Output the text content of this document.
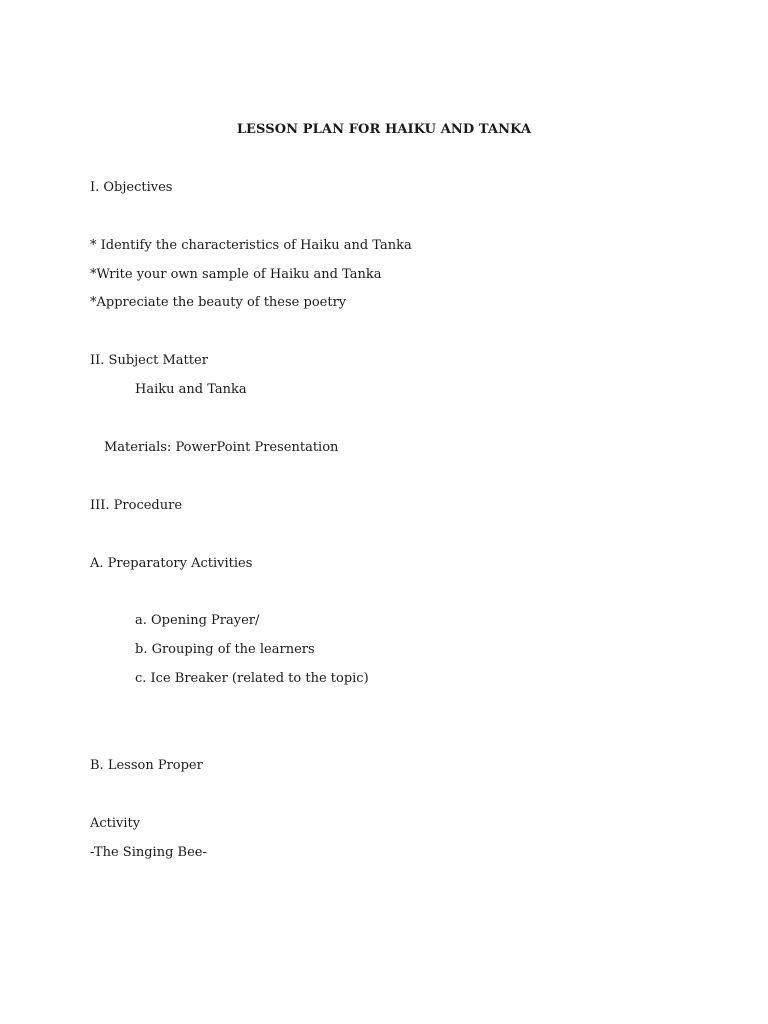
LESSON PLAN FOR HAIKU AND TANKA
I. Objectives
* Identify the characteristics of Haiku and Tanka
*Write your own sample of Haiku and Tanka
*Appreciate the beauty of these poetry
II. Subject Matter
Haiku and Tanka
Materials: PowerPoint Presentation
III. Procedure
A. Preparatory Activities
a. Opening Prayer/
b. Grouping of the learners
c. Ice Breaker (related to the topic)
B. Lesson Proper
Activity
-The Singing Bee-
